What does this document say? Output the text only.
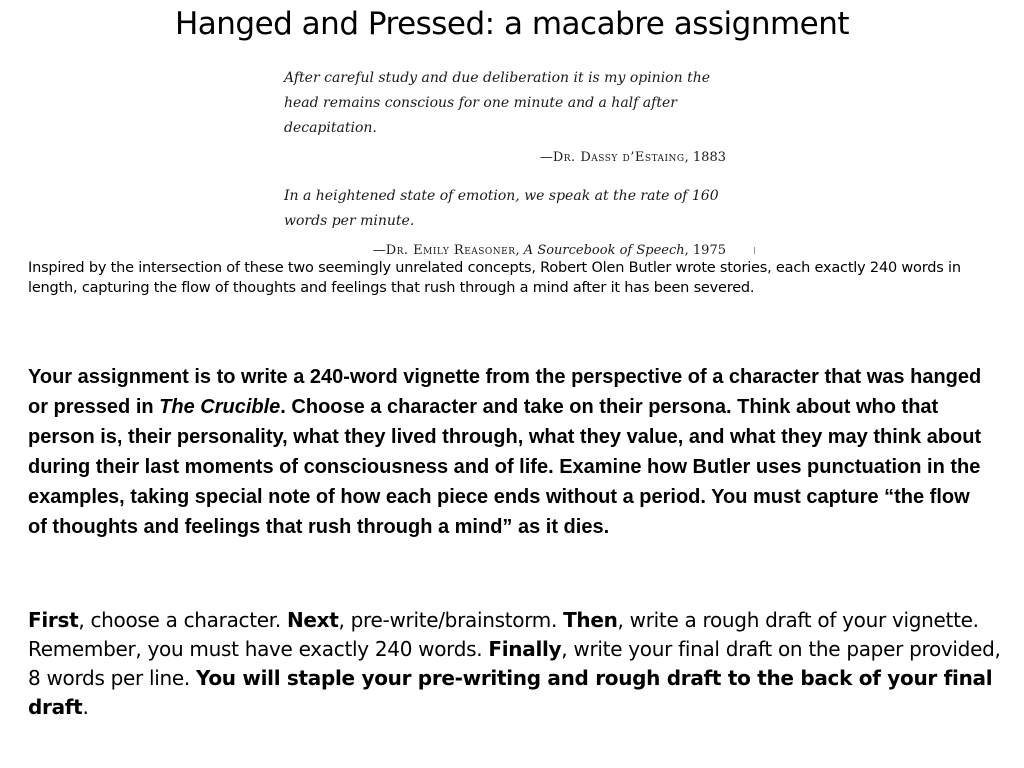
Hanged and Pressed: a macabre assignment

After careful study and due deliberation it is my opinion the head remains conscious for one minute and a half after decapitation.

—Dr. Dassy d’Estaing, 1883

In a heightened state of emotion, we speak at the rate of 160 words per minute.

—Dr. Emily Reasoner, A Sourcebook of Speech, 1975

Inspired by the intersection of these two seemingly unrelated concepts, Robert Olen Butler wrote stories, each exactly 240 words in length, capturing the flow of thoughts and feelings that rush through a mind after it has been severed.

Your assignment is to write a 240-word vignette from the perspective of a character that was hanged or pressed in The Crucible. Choose a character and take on their persona. Think about who that person is, their personality, what they lived through, what they value, and what they may think about during their last moments of consciousness and of life. Examine how Butler uses punctuation in the examples, taking special note of how each piece ends without a period. You must capture “the flow of thoughts and feelings that rush through a mind” as it dies.

First, choose a character. Next, pre-write/brainstorm. Then, write a rough draft of your vignette. Remember, you must have exactly 240 words. Finally, write your final draft on the paper provided, 8 words per line. You will staple your pre-writing and rough draft to the back of your final draft.
